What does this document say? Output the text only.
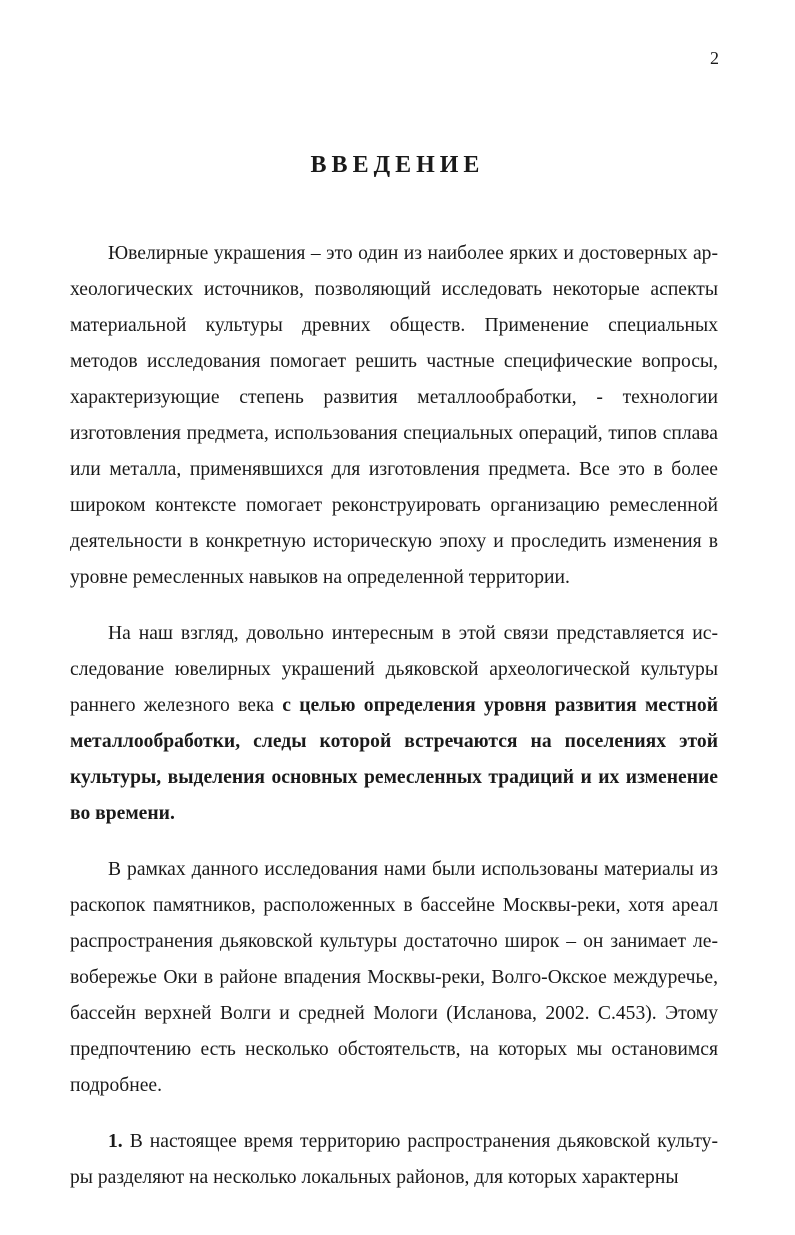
2
ВВЕДЕНИЕ

Ювелирные украшения – это один из наиболее ярких и достоверных археологических источников, позволяющий исследовать некоторые аспекты материальной культуры древних обществ. Применение специальных методов исследования помогает решить частные специфические вопросы, характеризующие степень развития металлообработки, - технологии изготовления предмета, использования специальных операций, типов сплава или металла, применявшихся для изготовления предмета. Все это в более широком контексте помогает реконструировать организацию ремесленной деятельности в конкретную историческую эпоху и проследить изменения в уровне ремесленных навыков на определенной территории.

На наш взгляд, довольно интересным в этой связи представляется исследование ювелирных украшений дьяковской археологической культуры раннего железного века с целью определения уровня развития местной металлообработки, следы которой встречаются на поселениях этой культуры, выделения основных ремесленных традиций и их изменение во времени.

В рамках данного исследования нами были использованы материалы из раскопок памятников, расположенных в бассейне Москвы-реки, хотя ареал распространения дьяковской культуры достаточно широк – он занимает левобережье Оки в районе впадения Москвы-реки, Волго-Окское междуречье, бассейн верхней Волги и средней Мологи (Исланова, 2002. С.453). Этому предпочтению есть несколько обстоятельств, на которых мы остановимся подробнее.

1. В настоящее время территорию распространения дьяковской культуры разделяют на несколько локальных районов, для которых характерны
